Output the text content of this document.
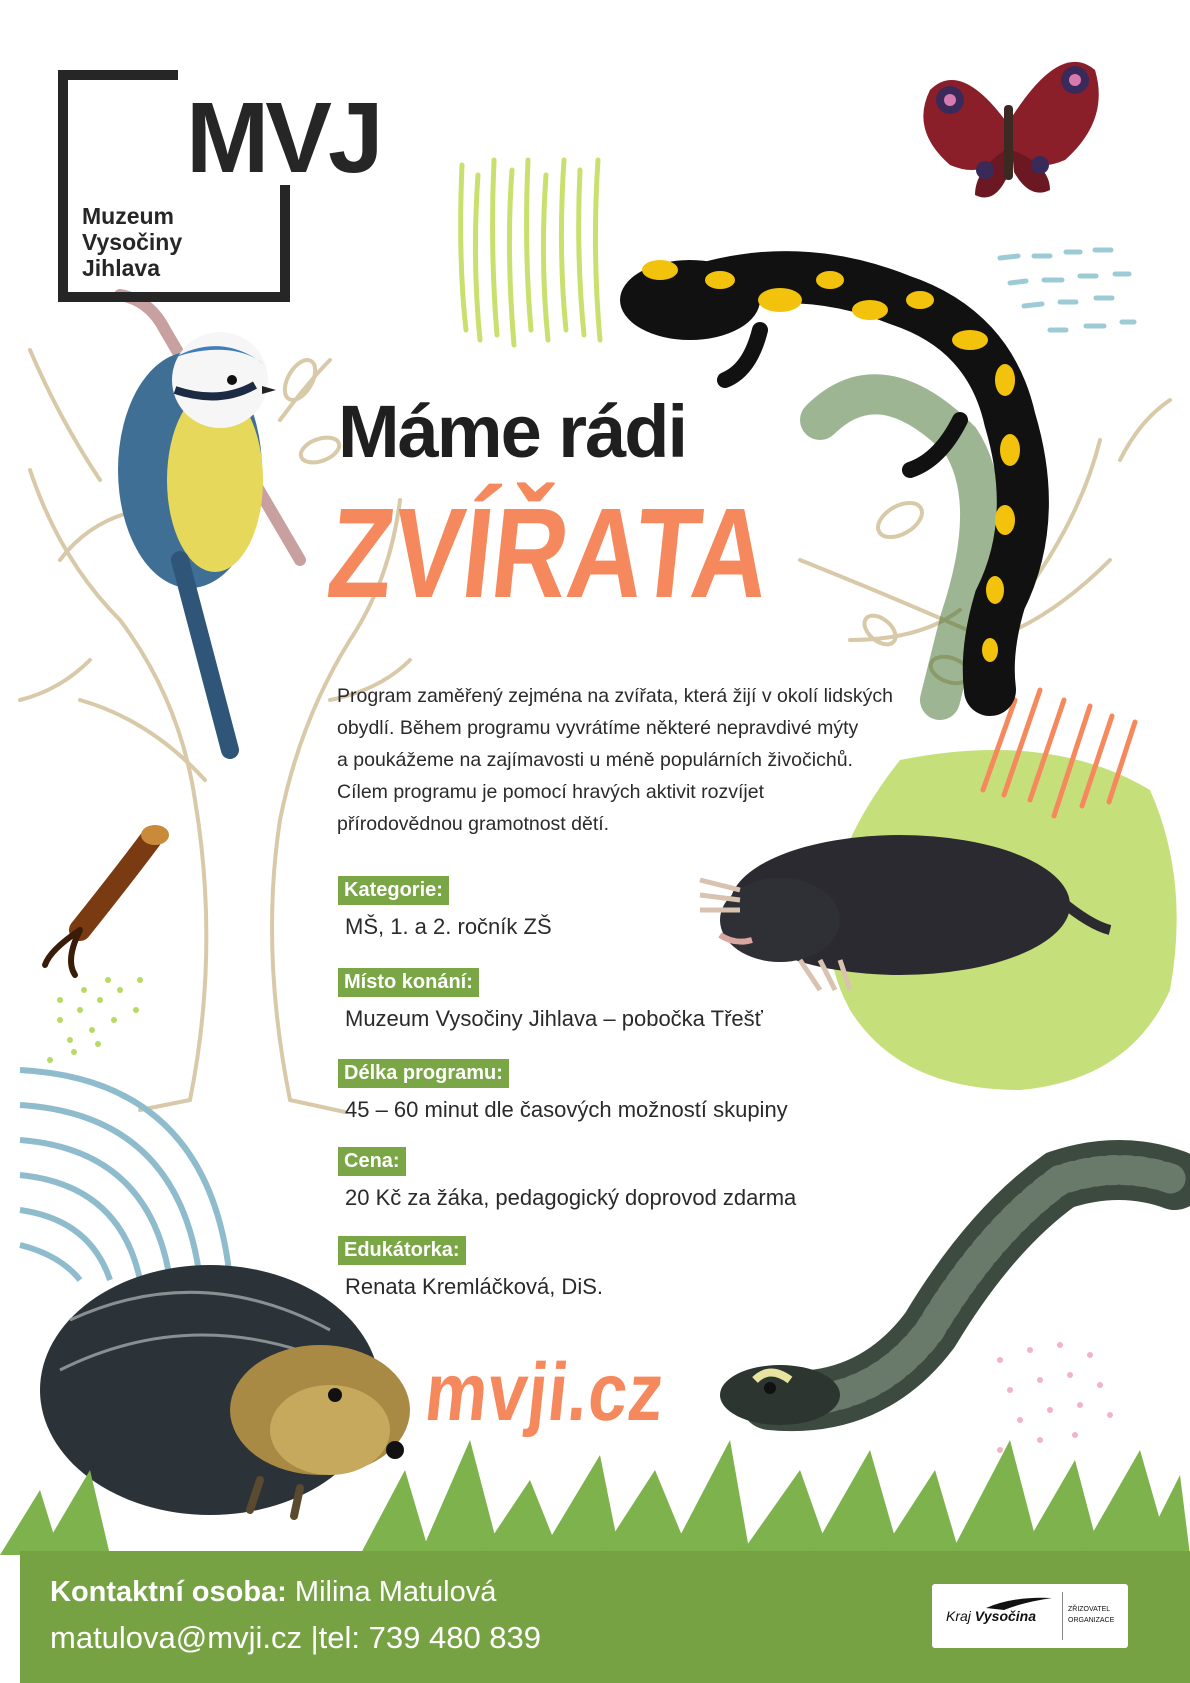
MVJ
Muzeum
Vysočiny
Jihlava
Máme rádi
ZVÍŘATA
Program zaměřený zejména na zvířata, která žijí v okolí lidských
obydlí. Během programu vyvrátíme některé nepravdivé mýty
a poukážeme na zajímavosti u méně populárních živočichů.
Cílem programu je pomocí hravých aktivit rozvíjet
přírodovědnou gramotnost dětí.
Kategorie:
MŠ, 1. a 2. ročník ZŠ
Místo konání:
Muzeum Vysočiny Jihlava – pobočka Třešť
Délka programu:
45 – 60 minut dle časových možností skupiny
Cena:
20 Kč za žáka, pedagogický doprovod zdarma
Edukátorka:
Renata Kremláčková, DiS.
mvji.cz
Kontaktní osoba: Milina Matulová
matulova@mvji.cz |tel: 739 480 839
Kraj Vysočina	ZŘIZOVATEL
ORGANIZACE
